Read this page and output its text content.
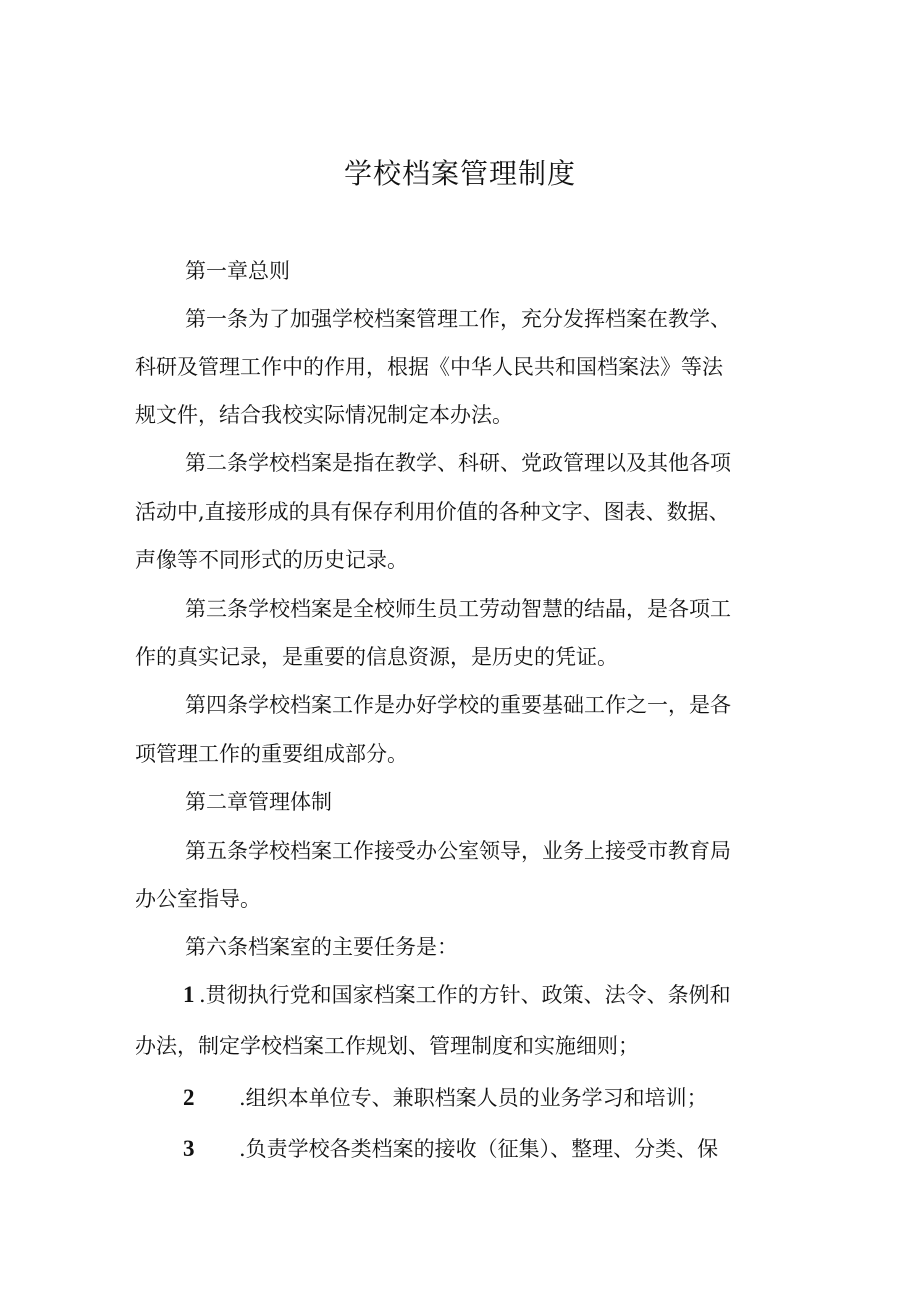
学校档案管理制度
第一章总则
第一条为了加强学校档案管理工作，充分发挥档案在教学、
科研及管理工作中的作用，根据《中华人民共和国档案法》等法
规文件，结合我校实际情况制定本办法。
第二条学校档案是指在教学、科研、党政管理以及其他各项
活动中,直接形成的具有保存利用价值的各种文字、图表、数据、
声像等不同形式的历史记录。
第三条学校档案是全校师生员工劳动智慧的结晶，是各项工
作的真实记录，是重要的信息资源，是历史的凭证。
第四条学校档案工作是办好学校的重要基础工作之一，是各
项管理工作的重要组成部分。
第二章管理体制
第五条学校档案工作接受办公室领导，业务上接受市教育局
办公室指导。
第六条档案室的主要任务是：
1 .贯彻执行党和国家档案工作的方针、政策、法令、条例和
办法，制定学校档案工作规划、管理制度和实施细则；
2 .组织本单位专、兼职档案人员的业务学习和培训；
3 .负责学校各类档案的接收（征集）、整理、分类、保
